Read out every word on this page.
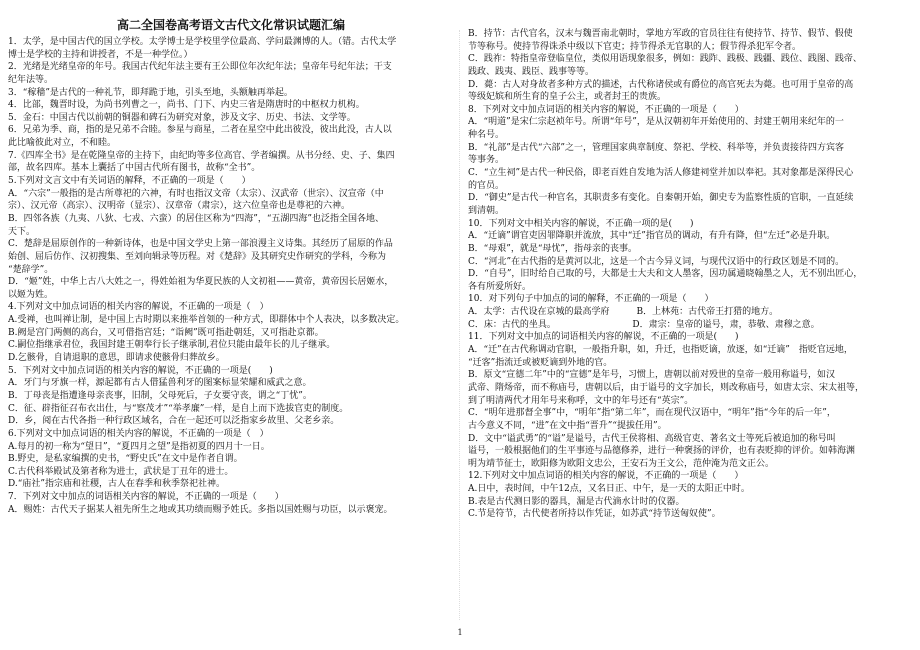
高二全国卷高考语文古代文化常识试题汇编
1．太学，是中国古代的国立学校。太学博士是学校里学位最高、学问最渊博的人。（错。古代太学
博士是学校的主持和讲授者，不是一种学位。）
2．光绪是光绪皇帝的年号。我国古代纪年法主要有王公即位年次纪年法；皇帝年号纪年法；干支
纪年法等。
3．“稼穑”是古代的一种礼节，即拜跪于地，引头至地，头额触再举起。
4．比部，魏晋时设，为尚书列曹之一，尚书、门下、内史三省是隋唐时的中枢权力机构。
5．金石：中国古代以前朝的铜器和碑石为研究对象，涉及文字、历史、书法、文学等。
6．兄弟为季、商，指的是兄弟不合睦。参星与商星，二者在星空中此出彼没，彼出此没，古人以
此比喻彼此对立，不和睦。
7.《四库全书》是在乾隆皇帝的主持下，由纪昀等多位高官、学者编撰。从书分经、史、子、集四
部，故名四库。基本上囊括了中国古代所有图书，故称“全书”。
5.下列对文言文中有关词语的解释，不正确的一项是（　　）
A．“六宗”一般指的是古所尊祀的六神，有时也指汉文帝（太宗）、汉武帝（世宗）、汉宣帝（中
宗）、汉元帝（高宗）、汉明帝（显宗）、汉章帝（肃宗），这六位皇帝也是尊祀的六神。
B．四邻各族（九夷、八狄、七戎、六蛮）的居住区称为“四海”，“五湖四海”也泛指全国各地、
天下。
C．楚辞是屈原创作的一种新诗体，也是中国文学史上第一部浪漫主义诗集。其经历了屈原的作品
始创、屈后仿作、汉初搜集、至刘向辑录等历程。对《楚辞》及其研究史作研究的学科，今称为
“楚辞学”。
D．“姬”姓，中华上古八大姓之一，得姓始祖为华夏民族的人文初祖——黄帝，黄帝因长居姬水，
以姬为姓。
4.下列对文中加点词语的相关内容的解说，不正确的一项是（　）
A.受禅，也叫禅让制，是中国上古时期以来推举首领的一种方式，即群体中个人表决，以多数决定。
B.阙是宫门两侧的高台，又可借指宫廷；“诣阙”既可指赴朝廷，又可指赴京都。
C.嗣位指继承君位，我国封建王朝奉行长子继承制,君位只能由最年长的儿子继承。
D.乞骸骨，自请退职的意思，即请求使骸骨归葬故乡。
5．下列对文中加点词语的相关内容的解说，不正确的一项是(　　)
A．牙门与牙旗一样，源起都有古人借猛兽利牙的图案标显荣耀和威武之意。
B．丁母丧是指遭逢母亲丧事，旧制，父母死后，子女要守丧，谓之“丁忧”。
C．征、辟指征召布衣出仕，与“察茂才”“举孝廉”一样，是自上而下选拔官吏的制度。
D．乡，阅在古代各指一种行政区域名，合在一起还可以泛指家乡故里、父老乡亲。
6.下列对文中加点词语的相关内容的解说，不正确的一项是（　）
A.每月的初一称为“望日”，“夏四月之望”是指初夏的四月十一日。
B.野史，是私家编撰的史书，“野史氏”在文中是作者自谓。
C.古代科举殿试及第者称为进士，武状是丁丑年的进士。
D.“庙社”指宗庙和社稷，古人在春季和秋季祭祀社神。
7．下列对文中加点的词语相关内容的解说，不正确的一项是（　　）
A．赐姓：古代天子据某人祖先所生之地或其功绩而赐予姓氏。多指以国姓赐与功臣，以示褒宠。
B．持节：古代官名，汉末与魏晋南北朝时，掌地方军政的官员往往有使持节、持节、假节、假使
节等称号。使持节得诛杀中级以下官吏；持节得杀无官职的人；假节得杀犯军令者。
C．践祚：特指皇帝登临皇位，类似用语现象很多，例如：践阼、践极、践疆、践位、践图、践帝、
践政、践夷、践臣、践事等等。
D．薨：古人对身故者多种方式的描述，古代称诸侯或有爵位的高官死去为薨。也可用于皇帝的高
等级妃嫔和所生育的皇子公主，或者封王的贵族。
8．下列对文中加点词语的相关内容的解说，不正确的一项是（　　）
A．“明道”是宋仁宗赵祯年号。所谓“年号”，是从汉朝初年开始使用的、封建王朝用来纪年的一
种名号。
B．“礼部”是古代“六部”之一，管理国家典章制度、祭祀、学校、科举等，并负责接待四方宾客
等事务。
C．“立生祠”是古代一种民俗，即老百姓自发地为活人修建祠堂并加以奉祀。其对象都是深得民心
的官员。
D．“御史”是古代一种官名，其职责多有变化。自秦朝开始，御史专为监察性质的官职，一直延续
到清朝。
10．下列对文中相关内容的解说，不正确一项的是(　　)
A．“迁谪”谓官吏因罪降职并流放，其中“迁”指官员的调动，有升有降，但“左迁”必是升职。
B．“母艰”，就是“母忧”，指母亲的丧事。
C．“河北”在古代指的是黄河以北，这是一个古今异义词，与现代汉语中的行政区划是不同的。
D．“自号”，旧时给自己取的号，大都是士大夫和文人墨客，因功属通晓翰墨之人，无不别出匠心，
各有所爱所好。
10．对下列句子中加点的词的解释，不正确的一项是（　　）
A．太学：古代设在京城的最高学府　　　B．上林苑：古代帝王打猎的地方。
C．床：古代的坐具。　　　　　　　　　D．肃宗：皇帝的谥号，肃，恭敬、肃穆之意。
11．下列对文中加点的词语相关内容的解说，不正确的一项是(　　)
A．“迁”在古代称调动官职，一般指升职，如，升迁，也指贬谪，放逐，如“迁谪”　指贬官远地，
“迁客”指流迁或被贬谪到外地的官。
B．原文“宣德二年”中的“宣德”是年号，习惯上，唐朝以前对殁世的皇帝一般用称谥号，如汉
武帝、隋炀帝，而不称庙号，唐朝以后，由于谥号的文字加长，则改称庙号，如唐太宗、宋太祖等，
到了明清两代才用年号来称呼，文中的年号还有“英宗”。
C．“明年进那督全事”中，“明年”指“第二年”，而在现代汉语中，“明年”指“今年的后一年”，
古今意义不同，“进”在文中指“晋升”“提拔任用”。
D．文中“谥武勇”的“谥”是谥号，古代王侯将相、高级官吏、著名文士等死后被追加的称号叫
谥号，一般根据他们的生平事迹与品德修养，进行一种褒扬的评价，也有表贬抑的评价。如韩海渊
明为靖节征士，欧阳修为欧阳文忠公，王安石为王文公，范仲淹为范文正公。
12.下列对文中加点词语的相关内容的解说，不正确的一项是（　　）
A.日中，表时间，中午12点，又名日正、中午，是一天的太阳正中时。
B.表是古代测日影的器具，漏是古代滴水计时的仪器。
C.节是符节，古代使者所持以作凭证，如苏武“持节送匈奴使”。
1
